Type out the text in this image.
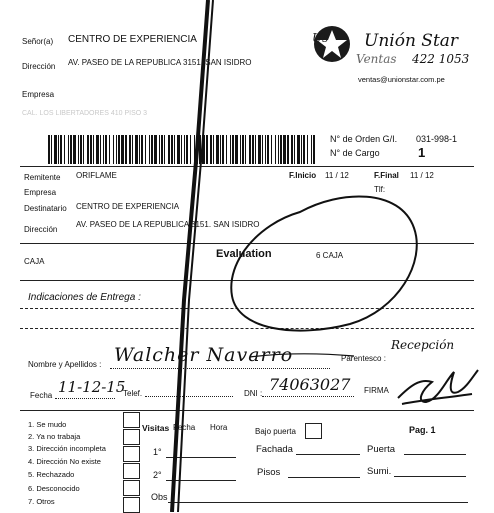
Señor(a) CENTRO DE EXPERIENCIA
Dirección AV. PASEO DE LA REPUBLICA 3151. SAN ISIDRO
Empresa
CAL. LOS LIBERTADORES 410 PISO 3
Us Unión Star
Ventas 422 1053
ventas@unionstar.com.pe
N° de Orden G/I. 031-998-1
N° de Cargo	1
Remitente ORIFLAME	F.Inicio 11 / 12	F.Final 11 / 12
Empresa	Tlf:
Destinatario CENTRO DE EXPERIENCIA
Dirección
AV. PASEO DE LA REPUBLICA 3151. SAN ISIDRO
CAJA
Evaluation	6 CAJA
Indicaciones de Entrega :
Nombre y Apellidos : Walcher Navarro	Parentesco :
Recepción
Fecha 11-12-15
Telef.	DNI : 74063027 FIRMA
1. Se mudo
2. Ya no trabaja
3. Dirección incompleta
4. Dirección No existe
5. Rechazado
6. Desconocido
7. Otros
Visitas Fecha Hora
1°
2°
Obs
Bajo puerta	Pag. 1
Fachada	Puerta
Pisos	Sumi.
